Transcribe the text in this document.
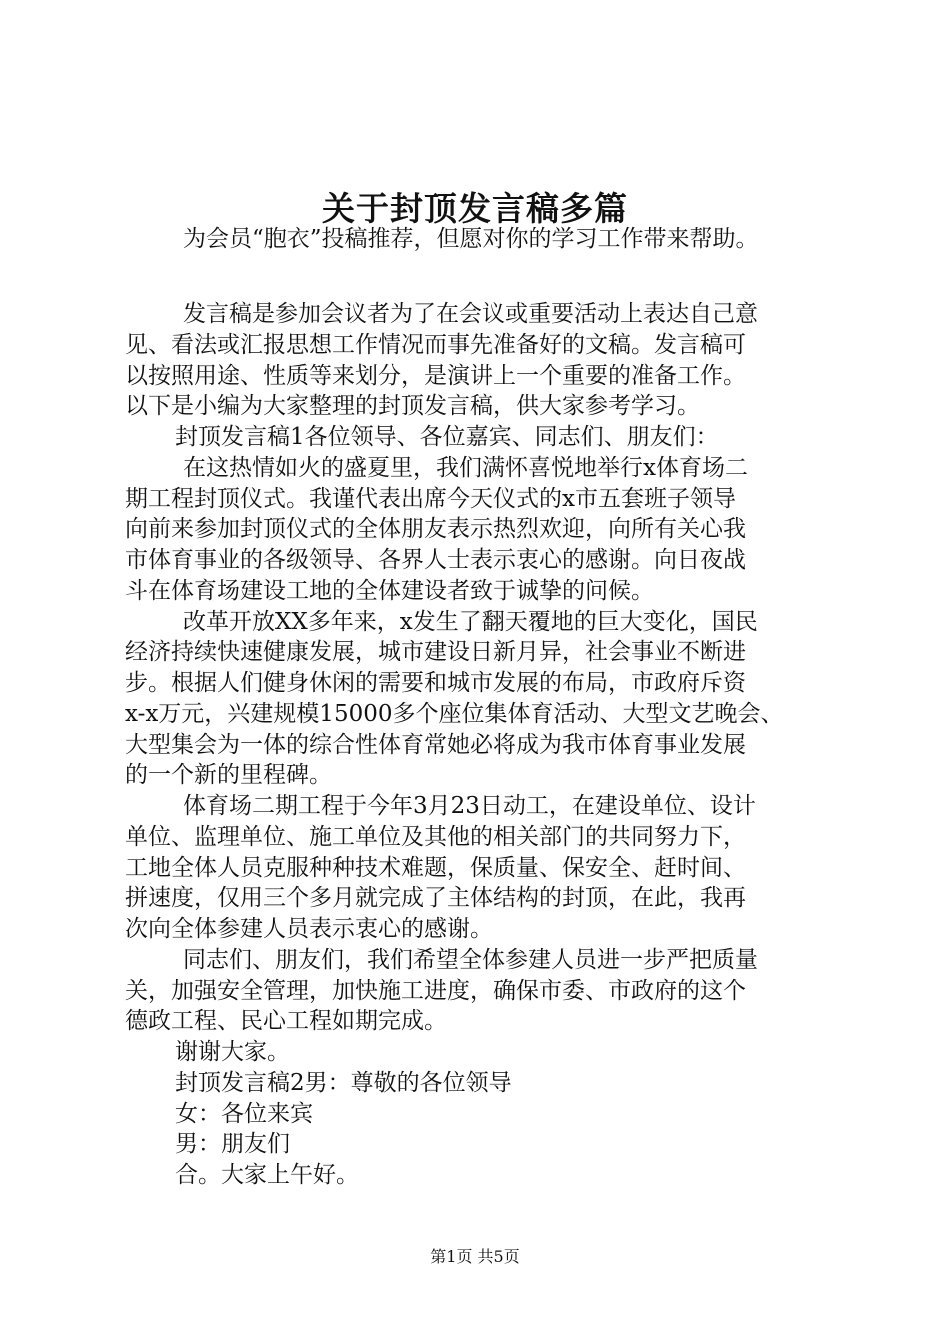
关于封顶发言稿多篇
为会员“胞衣”投稿推荐，但愿对你的学习工作带来帮助。
发言稿是参加会议者为了在会议或重要活动上表达自己意
见、看法或汇报思想工作情况而事先准备好的文稿。发言稿可
以按照用途、性质等来划分，是演讲上一个重要的准备工作。
以下是小编为大家整理的封顶发言稿，供大家参考学习。
封顶发言稿1各位领导、各位嘉宾、同志们、朋友们：
在这热情如火的盛夏里，我们满怀喜悦地举行x体育场二
期工程封顶仪式。我谨代表出席今天仪式的x市五套班子领导
向前来参加封顶仪式的全体朋友表示热烈欢迎，向所有关心我
市体育事业的各级领导、各界人士表示衷心的感谢。向日夜战
斗在体育场建设工地的全体建设者致于诚挚的问候。
改革开放XX多年来，x发生了翻天覆地的巨大变化，国民
经济持续快速健康发展，城市建设日新月异，社会事业不断进
步。根据人们健身休闲的需要和城市发展的布局，市政府斥资
x-x万元，兴建规模15000多个座位集体育活动、大型文艺晚会、
大型集会为一体的综合性体育常她必将成为我市体育事业发展
的一个新的里程碑。
体育场二期工程于今年3月23日动工，在建设单位、设计
单位、监理单位、施工单位及其他的相关部门的共同努力下，
工地全体人员克服种种技术难题，保质量、保安全、赶时间、
拼速度，仅用三个多月就完成了主体结构的封顶，在此，我再
次向全体参建人员表示衷心的感谢。
同志们、朋友们，我们希望全体参建人员进一步严把质量
关，加强安全管理，加快施工进度，确保市委、市政府的这个
德政工程、民心工程如期完成。
谢谢大家。
封顶发言稿2男：尊敬的各位领导
女：各位来宾
男：朋友们
合。大家上午好。
第1页 共5页
